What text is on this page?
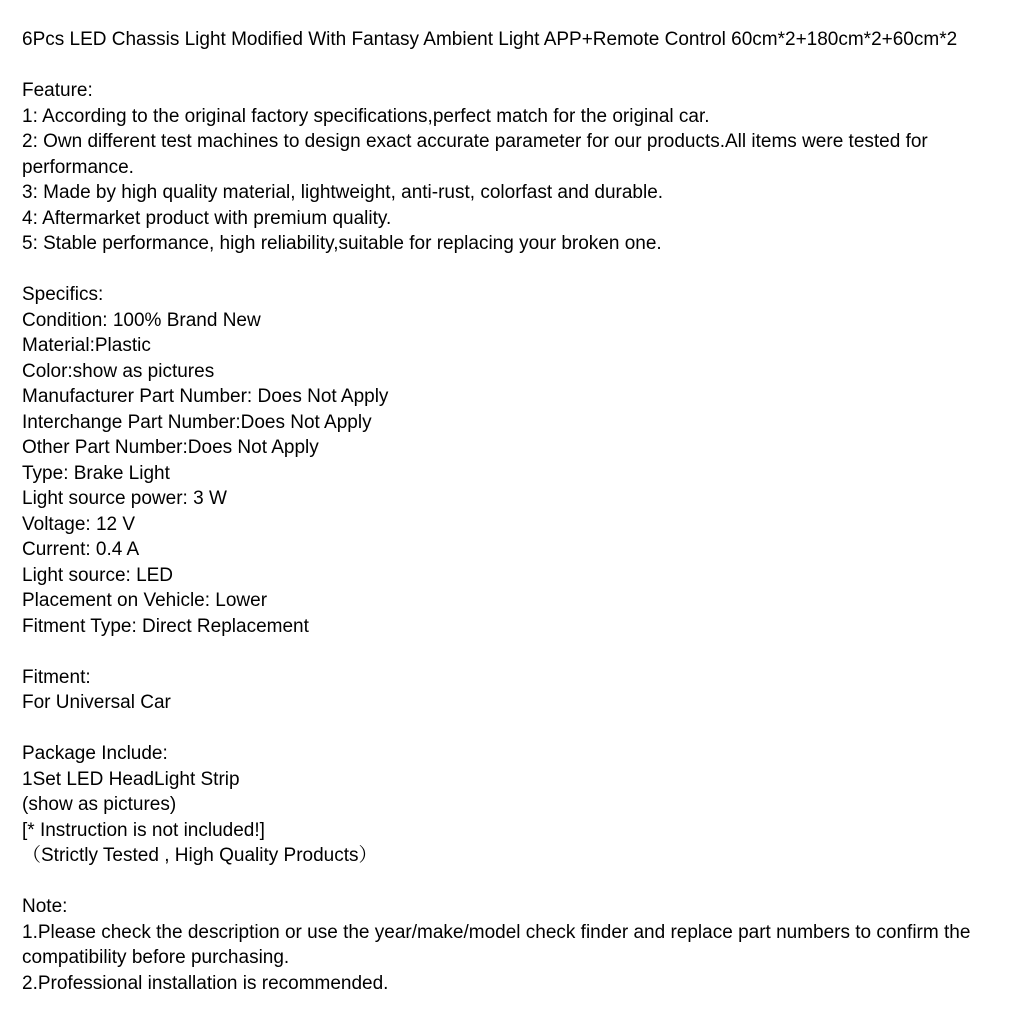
6Pcs LED Chassis Light Modified With Fantasy Ambient Light APP+Remote Control 60cm*2+180cm*2+60cm*2

Feature:

1: According to the original factory specifications,perfect match for the original car.

2: Own different test machines to design exact accurate parameter for our products.All items were tested for performance.

3: Made by high quality material, lightweight, anti-rust, colorfast and durable.

4: Aftermarket product with premium quality.

5: Stable performance, high reliability,suitable for replacing your broken one.

Specifics:

Condition: 100% Brand New

Material:Plastic

Color:show as pictures

Manufacturer Part Number: Does Not Apply

Interchange Part Number:Does Not Apply

Other Part Number:Does Not Apply

Type: Brake Light

Light source power: 3 W

Voltage: 12 V

Current: 0.4 A

Light source: LED

Placement on Vehicle: Lower

Fitment Type: Direct Replacement

Fitment:

For Universal Car

Package Include:

1Set LED HeadLight Strip

(show as pictures)

[* Instruction is not included!]

（Strictly Tested , High Quality Products）

Note:

1.Please check the description or use the year/make/model check finder and replace part numbers to confirm the compatibility before purchasing.

2.Professional installation is recommended.
